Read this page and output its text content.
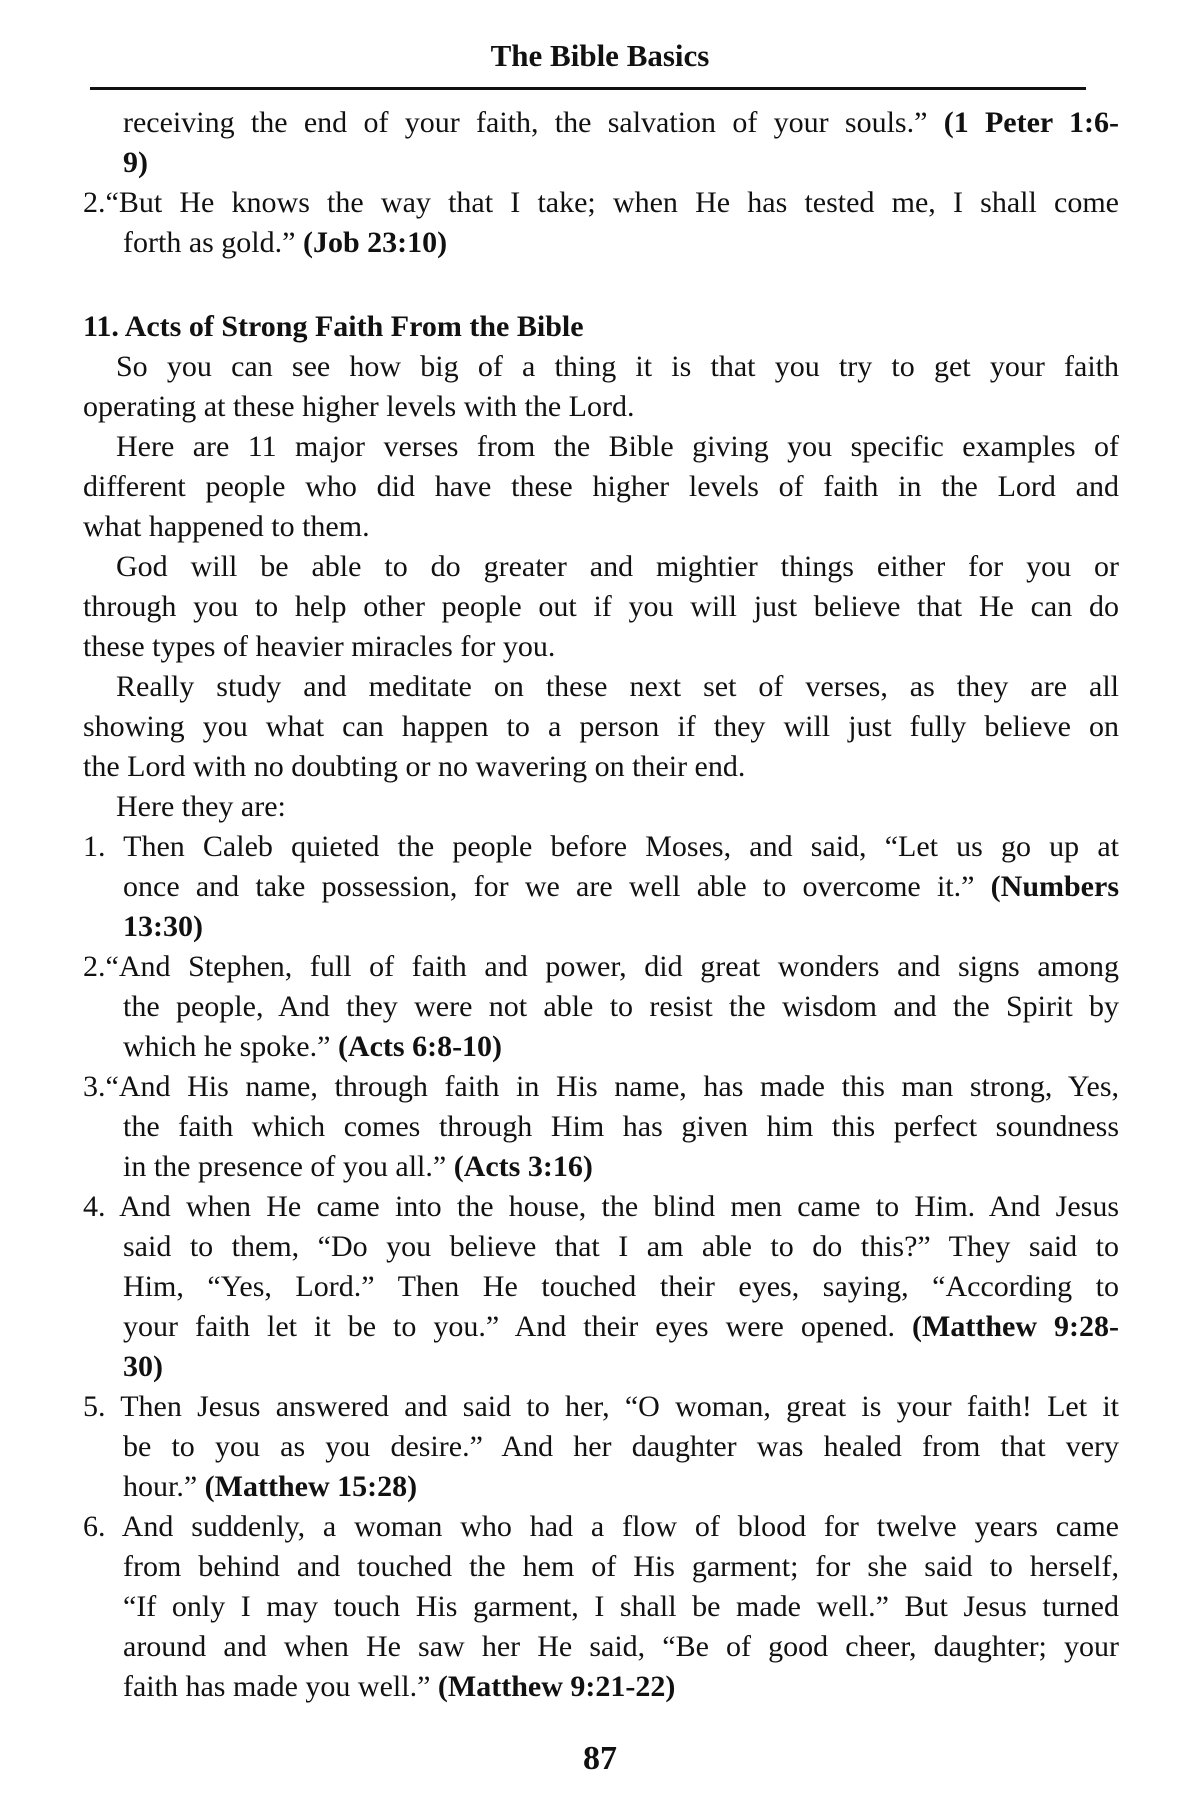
The Bible Basics
receiving the end of your faith, the salvation of your souls.” (1 Peter 1:6-
9)
2.“But He knows the way that I take; when He has tested me, I shall come
forth as gold.” (Job 23:10)
11. Acts of Strong Faith From the Bible
So you can see how big of a thing it is that you try to get your faith
operating at these higher levels with the Lord.
Here are 11 major verses from the Bible giving you specific examples of
different people who did have these higher levels of faith in the Lord and
what happened to them.
God will be able to do greater and mightier things either for you or
through you to help other people out if you will just believe that He can do
these types of heavier miracles for you.
Really study and meditate on these next set of verses, as they are all
showing you what can happen to a person if they will just fully believe on
the Lord with no doubting or no wavering on their end.
Here they are:
1. Then Caleb quieted the people before Moses, and said, “Let us go up at
once and take possession, for we are well able to overcome it.” (Numbers
13:30)
2.“And Stephen, full of faith and power, did great wonders and signs among
the people, And they were not able to resist the wisdom and the Spirit by
which he spoke.” (Acts 6:8-10)
3.“And His name, through faith in His name, has made this man strong, Yes,
the faith which comes through Him has given him this perfect soundness
in the presence of you all.” (Acts 3:16)
4. And when He came into the house, the blind men came to Him. And Jesus
said to them, “Do you believe that I am able to do this?” They said to
Him, “Yes, Lord.” Then He touched their eyes, saying, “According to
your faith let it be to you.” And their eyes were opened. (Matthew 9:28-
30)
5. Then Jesus answered and said to her, “O woman, great is your faith! Let it
be to you as you desire.” And her daughter was healed from that very
hour.” (Matthew 15:28)
6. And suddenly, a woman who had a flow of blood for twelve years came
from behind and touched the hem of His garment; for she said to herself,
“If only I may touch His garment, I shall be made well.” But Jesus turned
around and when He saw her He said, “Be of good cheer, daughter; your
faith has made you well.” (Matthew 9:21-22)
87
